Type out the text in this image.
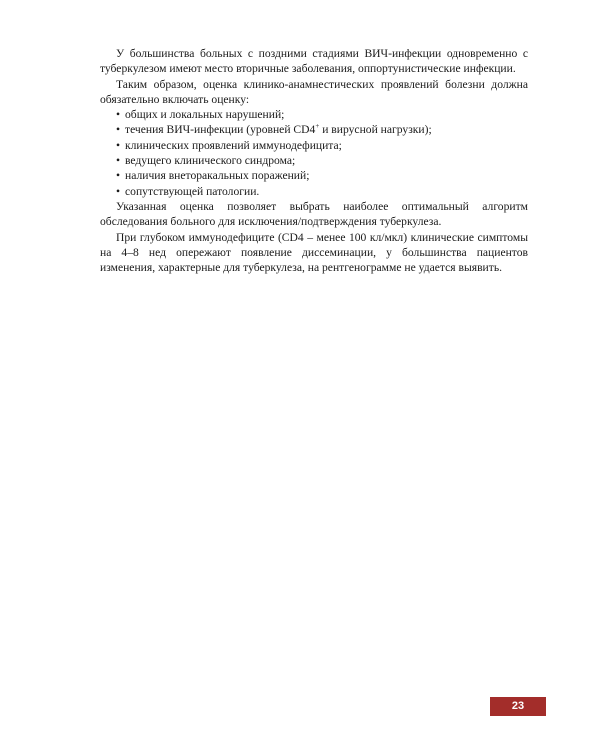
У большинства больных с поздними стадиями ВИЧ-инфекции одновременно с туберкулезом имеют место вторичные заболевания, оппортунистические инфекции.

Таким образом, оценка клинико-анамнестических проявлений болезни должна обязательно включать оценку:

• общих и локальных нарушений;
• течения ВИЧ-инфекции (уровней CD4+ и вирусной нагрузки);
• клинических проявлений иммунодефицита;
• ведущего клинического синдрома;
• наличия внеторакальных поражений;
• сопутствующей патологии.

Указанная оценка позволяет выбрать наиболее оптимальный алгоритм обследования больного для исключения/подтверждения туберкулеза.

При глубоком иммунодефиците (CD4 – менее 100 кл/мкл) клинические симптомы на 4–8 нед опережают появление диссеминации, у большинства пациентов изменения, характерные для туберкулеза, на рентгенограмме не удается выявить.

23
